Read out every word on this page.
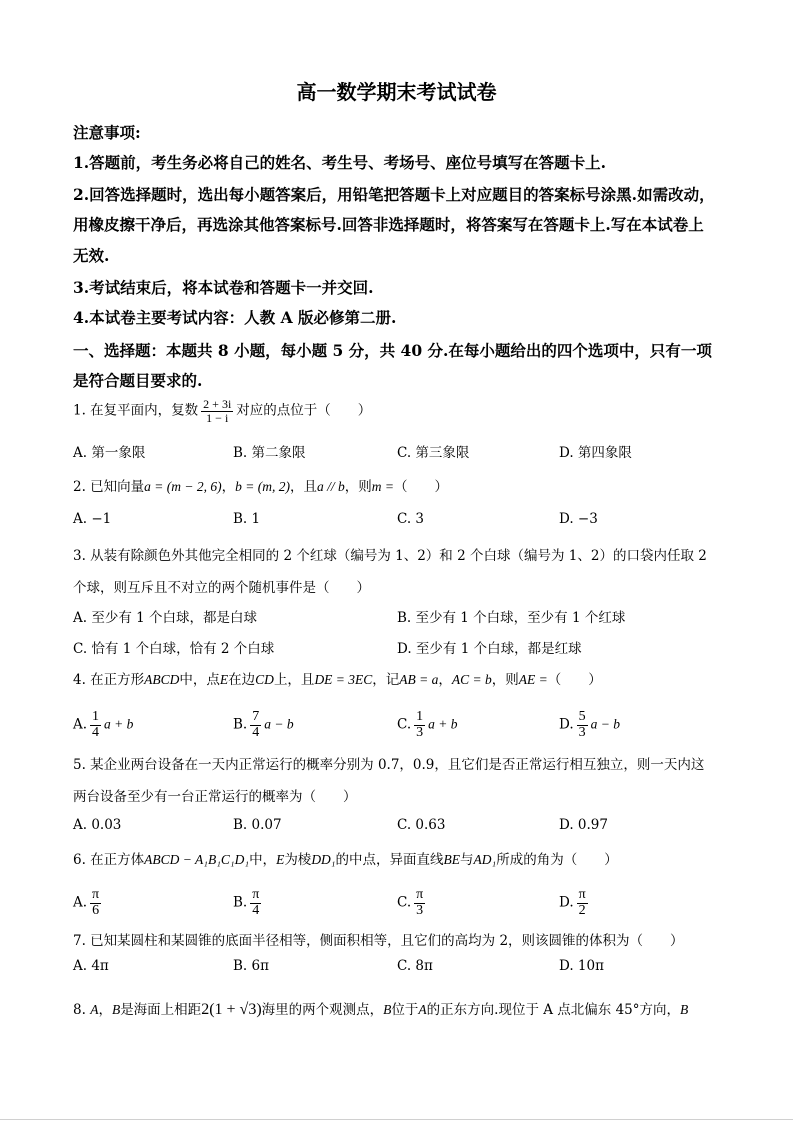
高一数学期末考试试卷
注意事项:
1.答题前，考生务必将自己的姓名、考生号、考场号、座位号填写在答题卡上.
2.回答选择题时，选出每小题答案后，用铅笔把答题卡上对应题目的答案标号涂黑.如需改动，
用橡皮擦干净后，再选涂其他答案标号.回答非选择题时，将答案写在答题卡上.写在本试卷上
无效.
3.考试结束后，将本试卷和答题卡一并交回.
4.本试卷主要考试内容：人教 A 版必修第二册.
一、选择题：本题共 8 小题，每小题 5 分，共 40 分.在每小题给出的四个选项中，只有一项
是符合题目要求的.
1. 在复平面内，复数 $\frac{2 + 3i}{1 - i}$ 对应的点位于（　　）
A. 第一象限	B. 第二象限	C. 第三象限	D. 第四象限
2. 已知向量a = (m − 2, 6)，b = (m, 2)，且a // b，则m =（　　）
A. −1	B. 1	C. 3	D. −3
3. 从装有除颜色外其他完全相同的 2 个红球（编号为 1、2）和 2 个白球（编号为 1、2）的口袋内任取 2
个球，则互斥且不对立的两个随机事件是（　　）
A. 至少有 1 个白球，都是白球	B. 至少有 1 个白球，至少有 1 个红球
C. 恰有 1 个白球，恰有 2 个白球	D. 至少有 1 个白球，都是红球
4. 在正方形ABCD中，点E在边CD上，且DE = 3EC，记AB = a，AC = b，则AE =（　　）
A. $\frac{1}{4}$ a + b	B. $\frac{7}{4}$ a − b	C. $\frac{1}{3}$ a + b	D. $\frac{5}{3}$ a − b
5. 某企业两台设备在一天内正常运行的概率分别为 0.7，0.9，且它们是否正常运行相互独立，则一天内这
两台设备至少有一台正常运行的概率为（　　）
A. 0.03	B. 0.07	C. 0.63	D. 0.97
6. 在正方体ABCD − A₁B₁C₁D₁中，E为棱DD₁的中点，异面直线BE与AD₁所成的角为（　　）
A. $\frac{\pi}{6}$	B. $\frac{\pi}{4}$	C. $\frac{\pi}{3}$	D. $\frac{\pi}{2}$
7. 已知某圆柱和某圆锥的底面半径相等，侧面积相等，且它们的高均为 2，则该圆锥的体积为（　　）
A. 4π	B. 6π	C. 8π	D. 10π
8. A，B是海面上相距2(1 + √3)海里的两个观测点，B位于A的正东方向.现位于 A 点北偏东 45°方向，B
